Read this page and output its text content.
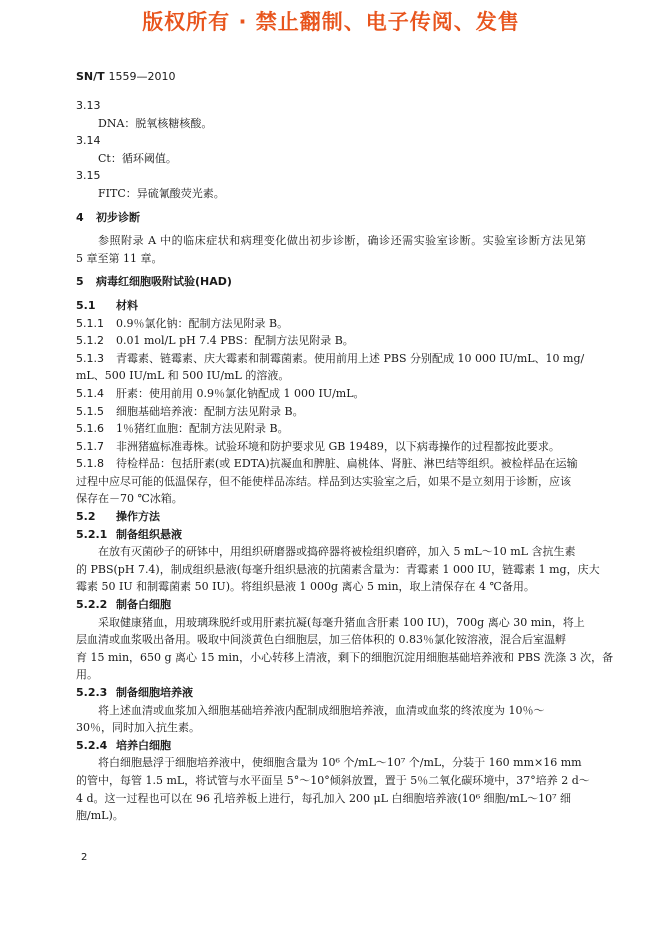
版权所有 · 禁止翻制、电子传阅、发售
SN/T 1559—2010
3.13
DNA：脱氧核糖核酸。
3.14
Ct：循环阈值。
3.15
FITC：异硫氰酸荧光素。
4 初步诊断
参照附录 A 中的临床症状和病理变化做出初步诊断，确诊还需实验室诊断。实验室诊断方法见第
5 章至第 11 章。
5 病毒红细胞吸附试验(HAD)
5.1 材料
5.1.1 0.9％氯化钠：配制方法见附录 B。
5.1.2 0.01 mol/L pH 7.4 PBS：配制方法见附录 B。
5.1.3 青霉素、链霉素、庆大霉素和制霉菌素。使用前用上述 PBS 分别配成 10 000 IU/mL、10 mg/
mL、500 IU/mL 和 500 IU/mL 的溶液。
5.1.4 肝素：使用前用 0.9％氯化钠配成 1 000 IU/mL。
5.1.5 细胞基础培养液：配制方法见附录 B。
5.1.6 1％猪红血胞：配制方法见附录 B。
5.1.7 非洲猪瘟标准毒株。试验环境和防护要求见 GB 19489，以下病毒操作的过程都按此要求。
5.1.8 待检样品：包括肝素(或 EDTA)抗凝血和脾脏、扁桃体、肾脏、淋巴结等组织。被检样品在运输
过程中应尽可能的低温保存，但不能使样品冻结。样品到达实验室之后，如果不是立刻用于诊断，应该
保存在－70 ℃冰箱。
5.2 操作方法
5.2.1 制备组织悬液
在放有灭菌砂子的研钵中，用组织研磨器或捣碎器将被检组织磨碎，加入 5 mL～10 mL 含抗生素
的 PBS(pH 7.4)，制成组织悬液(每毫升组织悬液的抗菌素含量为：青霉素 1 000 IU，链霉素 1 mg，庆大
霉素 50 IU 和制霉菌素 50 IU)。将组织悬液 1 000g 离心 5 min，取上清保存在 4 ℃备用。
5.2.2 制备白细胞
采取健康猪血，用玻璃珠脱纤或用肝素抗凝(每毫升猪血含肝素 100 IU)，700g 离心 30 min，将上
层血清或血浆吸出备用。吸取中间淡黄色白细胞层，加三倍体积的 0.83％氯化铵溶液，混合后室温孵
育 15 min，650 g 离心 15 min，小心转移上清液，剩下的细胞沉淀用细胞基础培养液和 PBS 洗涤 3 次，备
用。
5.2.3 制备细胞培养液
将上述血清或血浆加入细胞基础培养液内配制成细胞培养液，血清或血浆的终浓度为 10％～
30％，同时加入抗生素。
5.2.4 培养白细胞
将白细胞悬浮于细胞培养液中，使细胞含量为 10⁶ 个/mL～10⁷ 个/mL，分装于 160 mm×16 mm
的管中，每管 1.5 mL，将试管与水平面呈 5°～10°倾斜放置，置于 5％二氧化碳环境中，37°培养 2 d～
4 d。这一过程也可以在 96 孔培养板上进行，每孔加入 200 μL 白细胞培养液(10⁶ 细胞/mL～10⁷ 细
胞/mL)。
2
